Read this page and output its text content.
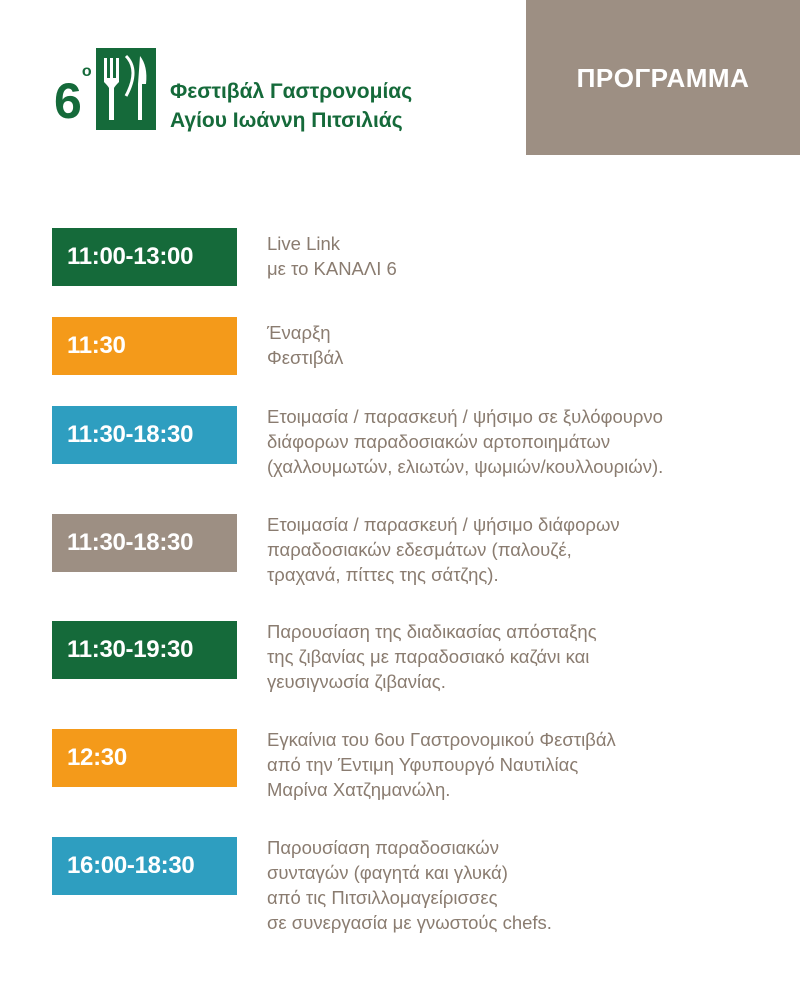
ΠΡΟΓΡΑΜΜΑ
$6^o$
Φεστιβάλ Γαστρονομίας
Αγίου Ιωάννη Πιτσιλιάς
11:00-13:00	Live Link
με το ΚΑΝΑΛΙ 6
11:30	Έναρξη
Φεστιβάλ
11:30-18:30
Ετοιμασία / παρασκευή / ψήσιμο σε ξυλόφουρνο
διάφορων παραδοσιακών αρτοποιημάτων
(χαλλουμωτών, ελιωτών, ψωμιών/κουλλουριών).
11:30-18:30
Ετοιμασία / παρασκευή / ψήσιμο διάφορων
παραδοσιακών εδεσμάτων (παλουζέ,
τραχανά, πίττες της σάτζης).
11:30-19:30
Παρουσίαση της διαδικασίας απόσταξης
της ζιβανίας με παραδοσιακό καζάνι και
γευσιγνωσία ζιβανίας.
12:30
Εγκαίνια του 6ου Γαστρονομικού Φεστιβάλ
από την Έντιμη Υφυπουργό Ναυτιλίας
Μαρίνα Χατζημανώλη.
16:00-18:30
Παρουσίαση παραδοσιακών
συνταγών (φαγητά και γλυκά)
από τις Πιτσιλλομαγείρισσες
σε συνεργασία με γνωστούς chefs.
